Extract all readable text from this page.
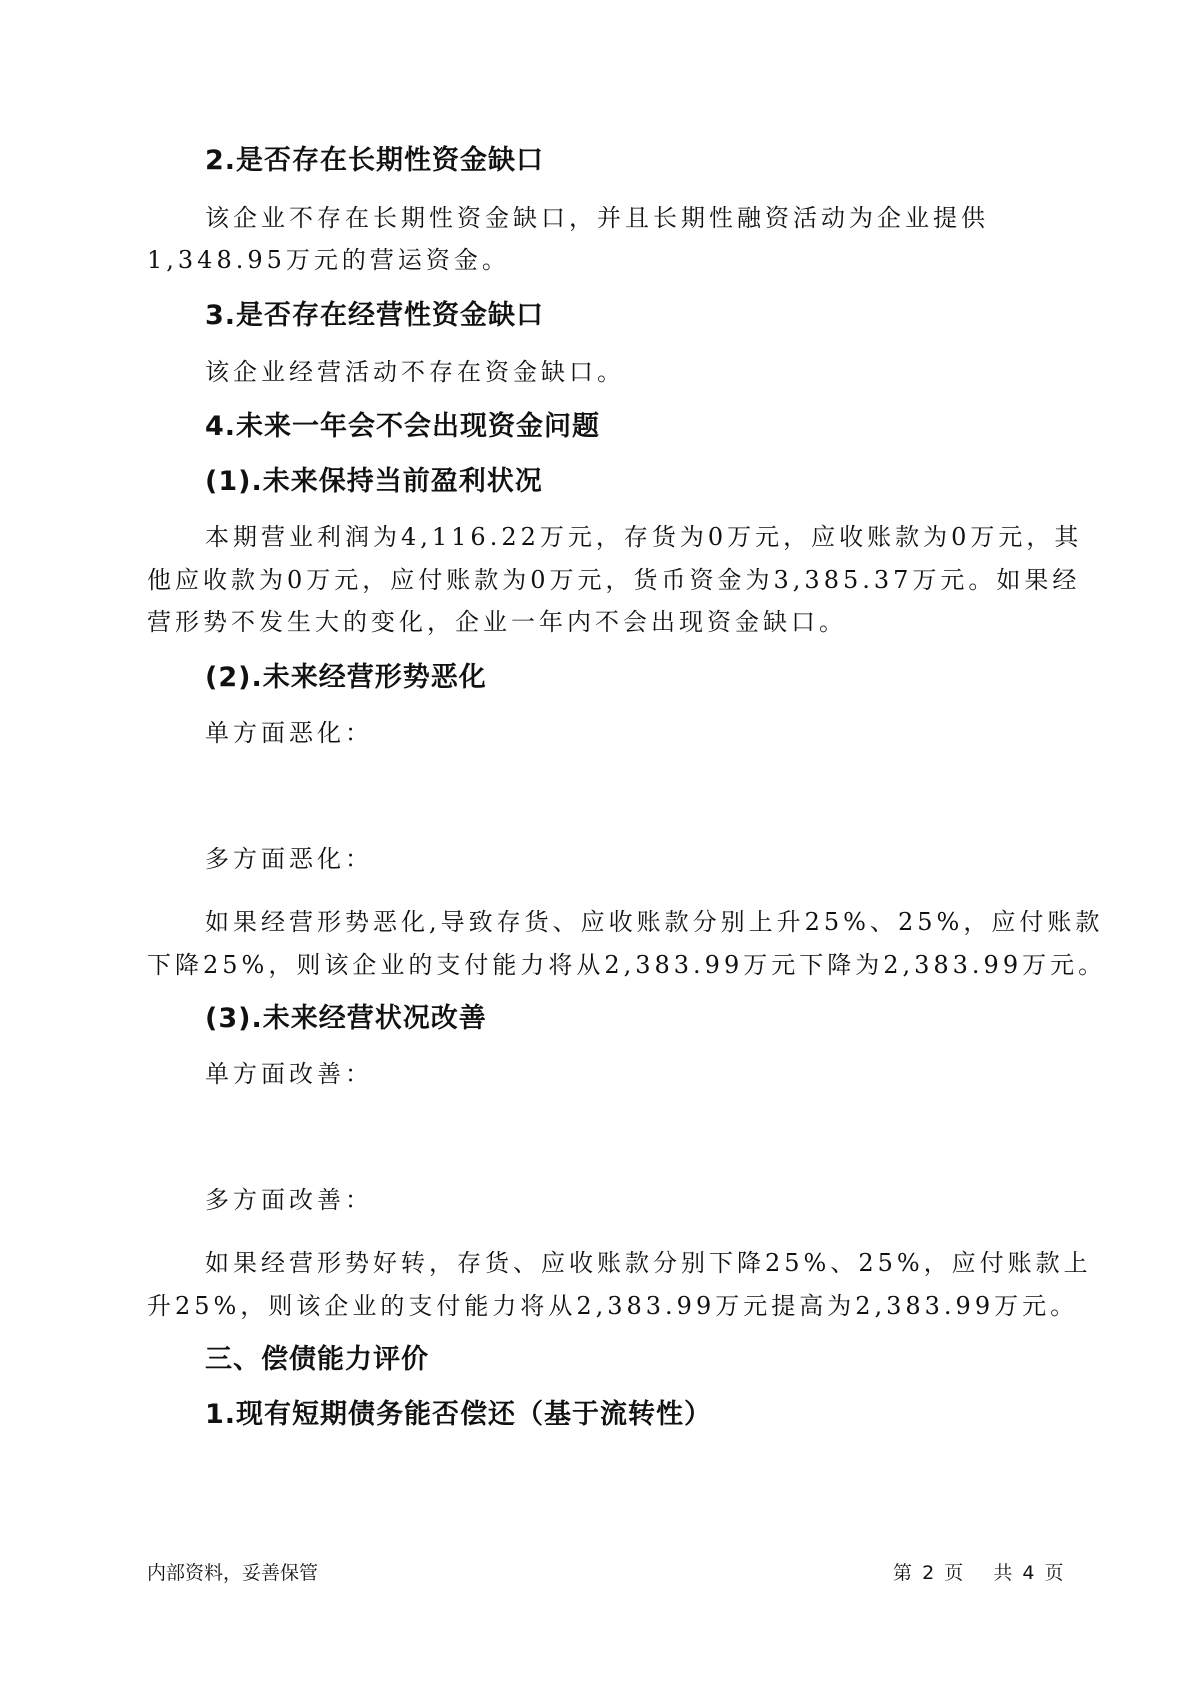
2.是否存在长期性资金缺口
该企业不存在长期性资金缺口，并且长期性融资活动为企业提供
1,348.95万元的营运资金。
3.是否存在经营性资金缺口
该企业经营活动不存在资金缺口。
4.未来一年会不会出现资金问题
(1).未来保持当前盈利状况
本期营业利润为4,116.22万元，存货为0万元，应收账款为0万元，其
他应收款为0万元，应付账款为0万元，货币资金为3,385.37万元。如果经
营形势不发生大的变化，企业一年内不会出现资金缺口。
(2).未来经营形势恶化
单方面恶化：
多方面恶化：
如果经营形势恶化,导致存货、应收账款分别上升25%、25%，应付账款
下降25%，则该企业的支付能力将从2,383.99万元下降为2,383.99万元。
(3).未来经营状况改善
单方面改善：
多方面改善：
如果经营形势好转，存货、应收账款分别下降25%、25%，应付账款上
升25%，则该企业的支付能力将从2,383.99万元提高为2,383.99万元。
三、偿债能力评价
1.现有短期债务能否偿还（基于流转性）
内部资料，妥善保管	第 2 页 共 4 页
